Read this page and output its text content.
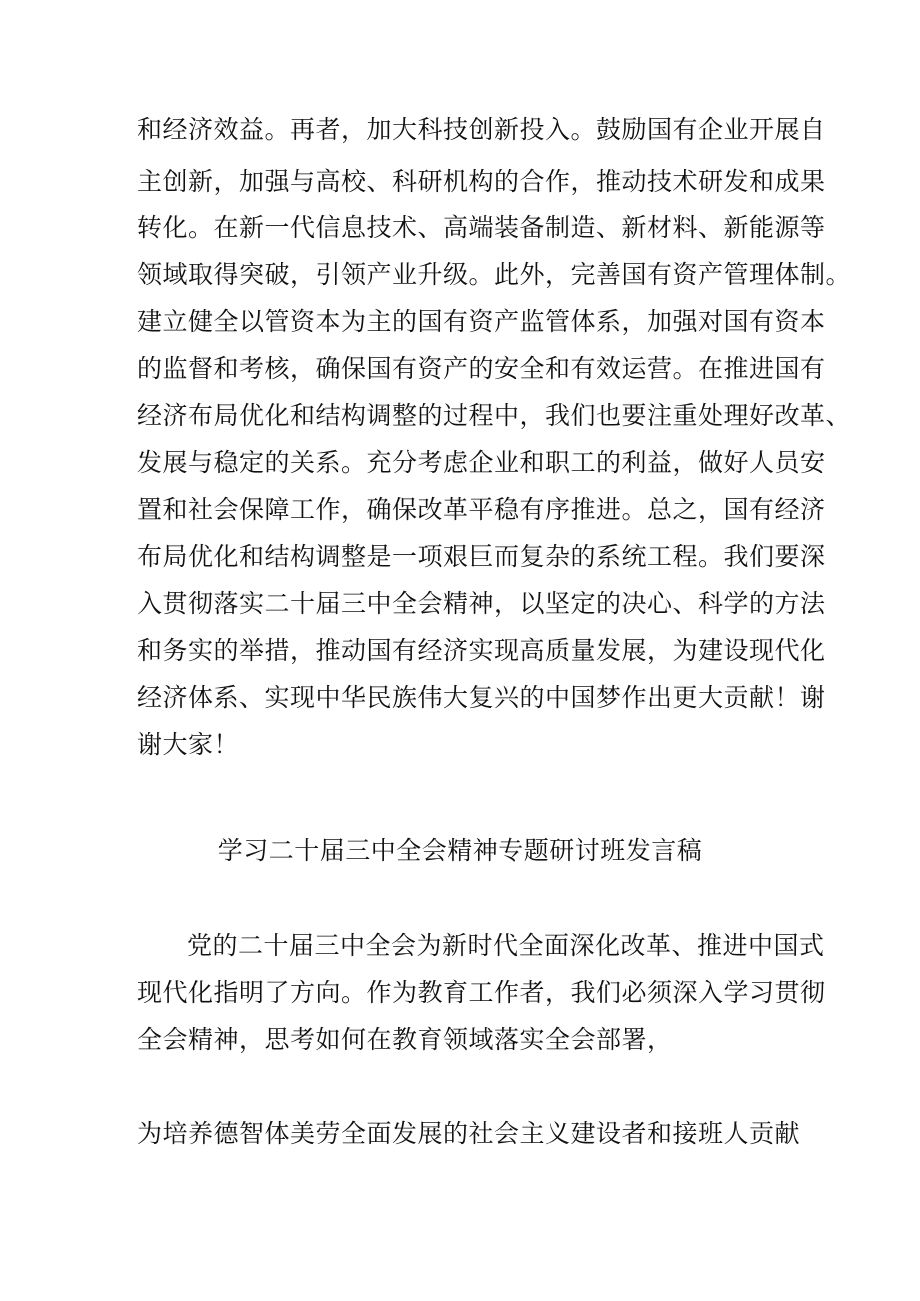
和经济效益。再者，加大科技创新投入。鼓励国有企业开展自
主创新，加强与高校、科研机构的合作，推动技术研发和成果
转化。在新一代信息技术、高端装备制造、新材料、新能源等
领域取得突破，引领产业升级。此外，完善国有资产管理体制。
建立健全以管资本为主的国有资产监管体系，加强对国有资本
的监督和考核，确保国有资产的安全和有效运营。在推进国有
经济布局优化和结构调整的过程中，我们也要注重处理好改革、
发展与稳定的关系。充分考虑企业和职工的利益，做好人员安
置和社会保障工作，确保改革平稳有序推进。总之，国有经济
布局优化和结构调整是一项艰巨而复杂的系统工程。我们要深
入贯彻落实二十届三中全会精神，以坚定的决心、科学的方法
和务实的举措，推动国有经济实现高质量发展，为建设现代化
经济体系、实现中华民族伟大复兴的中国梦作出更大贡献！谢
谢大家！
学习二十届三中全会精神专题研讨班发言稿
党的二十届三中全会为新时代全面深化改革、推进中国式
现代化指明了方向。作为教育工作者，我们必须深入学习贯彻
全会精神，思考如何在教育领域落实全会部署，
为培养德智体美劳全面发展的社会主义建设者和接班人贡献
